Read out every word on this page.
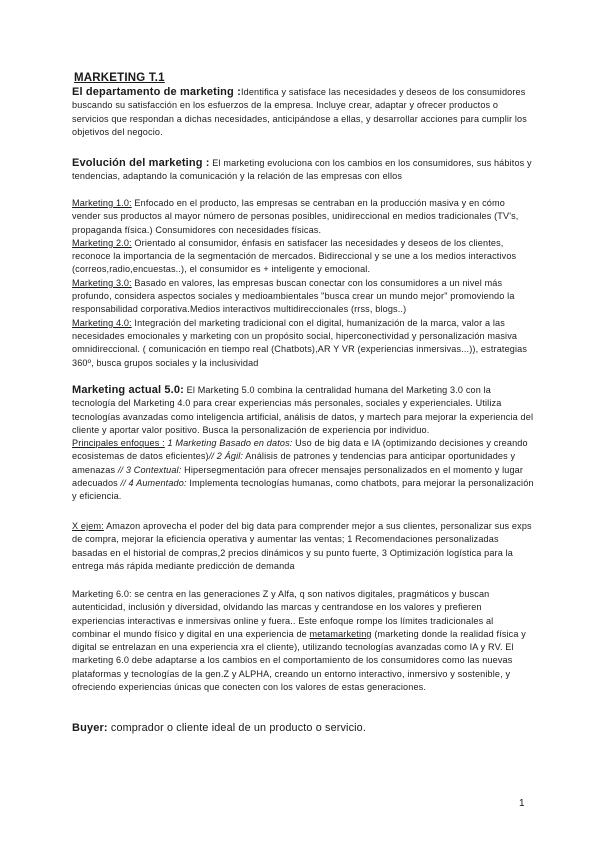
MARKETING T.1
El departamento de marketing :Identifica y satisface las necesidades y deseos de los consumidores buscando su satisfacción en los esfuerzos de la empresa. Incluye crear, adaptar y ofrecer productos o servicios que respondan a dichas necesidades, anticipándose a ellas, y desarrollar acciones para cumplir los objetivos del negocio.
Evolución del marketing : El marketing evoluciona con los cambios en los consumidores, sus hábitos y tendencias, adaptando la comunicación y la relación de las empresas con ellos
Marketing 1.0: Enfocado en el producto, las empresas se centraban en la producción masiva y en cómo vender sus productos al mayor número de personas posibles, unidireccional en medios tradicionales (TV's, propaganda física.) Consumidores con necesidades físicas.
Marketing 2.0: Orientado al consumidor, énfasis en satisfacer las necesidades y deseos de los clientes, reconoce la importancia de la segmentación de mercados. Bidireccional y se une a los medios interactivos (correos,radio,encuestas..), el consumidor es + inteligente y emocional.
Marketing 3.0: Basado en valores, las empresas buscan conectar con los consumidores a un nivel más profundo, considera aspectos sociales y medioambientales "busca crear un mundo mejor" promoviendo la responsabilidad corporativa.Medios interactivos multidireccionales (rrss, blogs..)
Marketing 4.0: Integración del marketing tradicional con el digital, humanización de la marca, valor a las necesidades emocionales y marketing con un propósito social, hiperconectividad y personalización masiva omnidireccional. ( comunicación en tiempo real (Chatbots),AR Y VR (experiencias inmersivas...)), estrategias 360º, busca grupos sociales y la inclusividad
Marketing actual 5.0: El Marketing 5.0 combina la centralidad humana del Marketing 3.0 con la tecnología del Marketing 4.0 para crear experiencias más personales, sociales y experienciales. Utiliza tecnologías avanzadas como inteligencia artificial, análisis de datos, y martech para mejorar la experiencia del cliente y aportar valor positivo. Busca la personalización de experiencia por individuo.
Principales enfoques : 1 Marketing Basado en datos: Uso de big data e IA (optimizando decisiones y creando ecosistemas de datos eficientes)// 2 Ágil: Análisis de patrones y tendencias para anticipar oportunidades y amenazas // 3 Contextual: Hipersegmentación para ofrecer mensajes personalizados en el momento y lugar adecuados // 4 Aumentado: Implementa tecnologías humanas, como chatbots, para mejorar la personalización y eficiencia.
X ejem: Amazon aprovecha el poder del big data para comprender mejor a sus clientes, personalizar sus exps de compra, mejorar la eficiencia operativa y aumentar las ventas; 1 Recomendaciones personalizadas basadas en el historial de compras,2 precios dinámicos y su punto fuerte, 3 Optimización logística para la entrega más rápida mediante predicción de demanda
Marketing 6.0: se centra en las generaciones Z y Alfa, q son nativos digitales, pragmáticos y buscan autenticidad, inclusión y diversidad, olvidando las marcas y centrandose en los valores y prefieren experiencias interactivas e inmersivas online y fuera.. Este enfoque rompe los límites tradicionales al combinar el mundo físico y digital en una experiencia de metamarketing (marketing donde la realidad física y digital se entrelazan en una experiencia xra el cliente), utilizando tecnologías avanzadas como IA y RV. El marketing 6.0 debe adaptarse a los cambios en el comportamiento de los consumidores como las nuevas plataformas y tecnologías de la gen.Z y ALPHA, creando un entorno interactivo, inmersivo y sostenible, y ofreciendo experiencias únicas que conecten con los valores de estas generaciones.
Buyer: comprador o cliente ideal de un producto o servicio.
1
